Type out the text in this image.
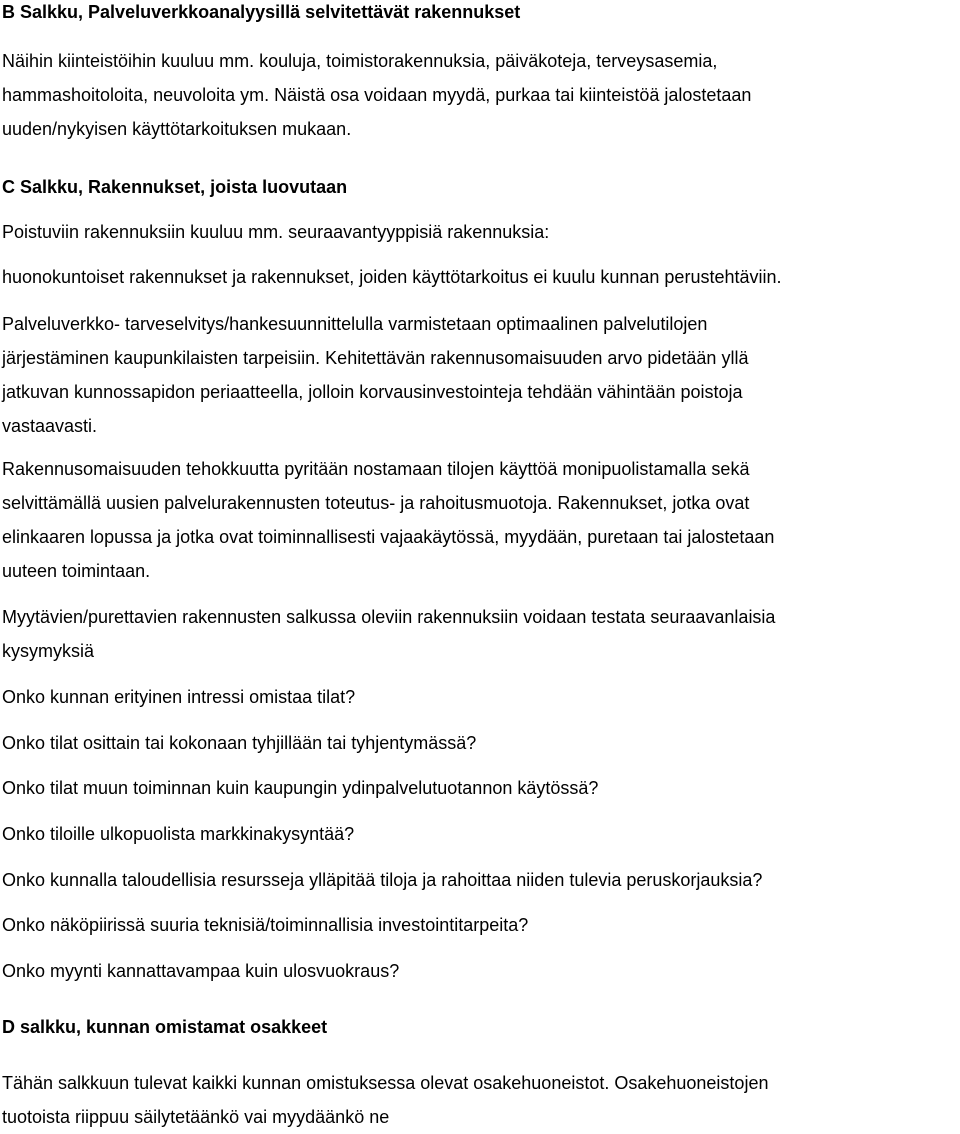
B Salkku, Palveluverkkoanalyysillä selvitettävät rakennukset

Näihin kiinteistöihin kuuluu mm. kouluja, toimistorakennuksia, päiväkoteja, terveysasemia,
hammashoitoloita, neuvoloita ym. Näistä osa voidaan myydä, purkaa tai kiinteistöä jalostetaan
uuden/nykyisen käyttötarkoituksen mukaan.

C Salkku, Rakennukset, joista luovutaan

Poistuviin rakennuksiin kuuluu mm. seuraavantyyppisiä rakennuksia:

huonokuntoiset rakennukset ja rakennukset, joiden käyttötarkoitus ei kuulu kunnan perustehtäviin.

Palveluverkko- tarveselvitys/hankesuunnittelulla varmistetaan optimaalinen palvelutilojen
järjestäminen kaupunkilaisten tarpeisiin. Kehitettävän rakennusomaisuuden arvo pidetään yllä
jatkuvan kunnossapidon periaatteella, jolloin korvausinvestointeja tehdään vähintään poistoja
vastaavasti.

Rakennusomaisuuden tehokkuutta pyritään nostamaan tilojen käyttöä monipuolistamalla sekä
selvittämällä uusien palvelurakennusten toteutus- ja rahoitusmuotoja. Rakennukset, jotka ovat
elinkaaren lopussa ja jotka ovat toiminnallisesti vajaakäytössä, myydään, puretaan tai jalostetaan
uuteen toimintaan.

Myytävien/purettavien rakennusten salkussa oleviin rakennuksiin voidaan testata seuraavanlaisia
kysymyksiä

Onko kunnan erityinen intressi omistaa tilat?

Onko tilat osittain tai kokonaan tyhjillään tai tyhjentymässä?

Onko tilat muun toiminnan kuin kaupungin ydinpalvelutuotannon käytössä?

Onko tiloille ulkopuolista markkinakysyntää?

Onko kunnalla taloudellisia resursseja ylläpitää tiloja ja rahoittaa niiden tulevia peruskorjauksia?

Onko näköpiirissä suuria teknisiä/toiminnallisia investointitarpeita?

Onko myynti kannattavampaa kuin ulosvuokraus?

D salkku, kunnan omistamat osakkeet

Tähän salkkuun tulevat kaikki kunnan omistuksessa olevat osakehuoneistot. Osakehuoneistojen
tuotoista riippuu säilytetäänkö vai myydäänkö ne
